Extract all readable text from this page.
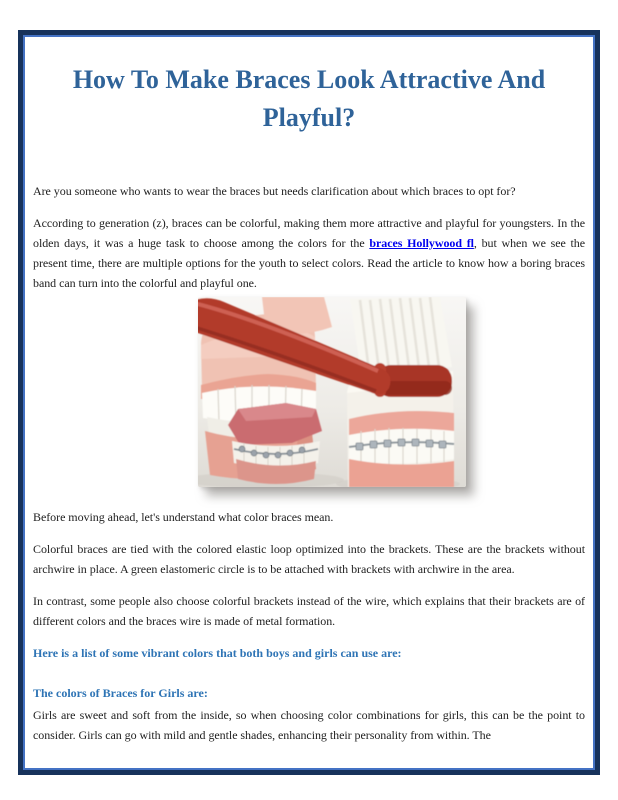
How To Make Braces Look Attractive And Playful?

Are you someone who wants to wear the braces but needs clarification about which braces to opt for?

According to generation (z), braces can be colorful, making them more attractive and playful for youngsters. In the olden days, it was a huge task to choose among the colors for the braces Hollywood fl, but when we see the present time, there are multiple options for the youth to select colors. Read the article to know how a boring braces band can turn into the colorful and playful one.

Before moving ahead, let's understand what color braces mean.

Colorful braces are tied with the colored elastic loop optimized into the brackets. These are the brackets without archwire in place. A green elastomeric circle is to be attached with brackets with archwire in the area.

In contrast, some people also choose colorful brackets instead of the wire, which explains that their brackets are of different colors and the braces wire is made of metal formation.

Here is a list of some vibrant colors that both boys and girls can use are:
The colors of Braces for Girls are:

Girls are sweet and soft from the inside, so when choosing color combinations for girls, this can be the point to consider. Girls can go with mild and gentle shades, enhancing their personality from within. The
